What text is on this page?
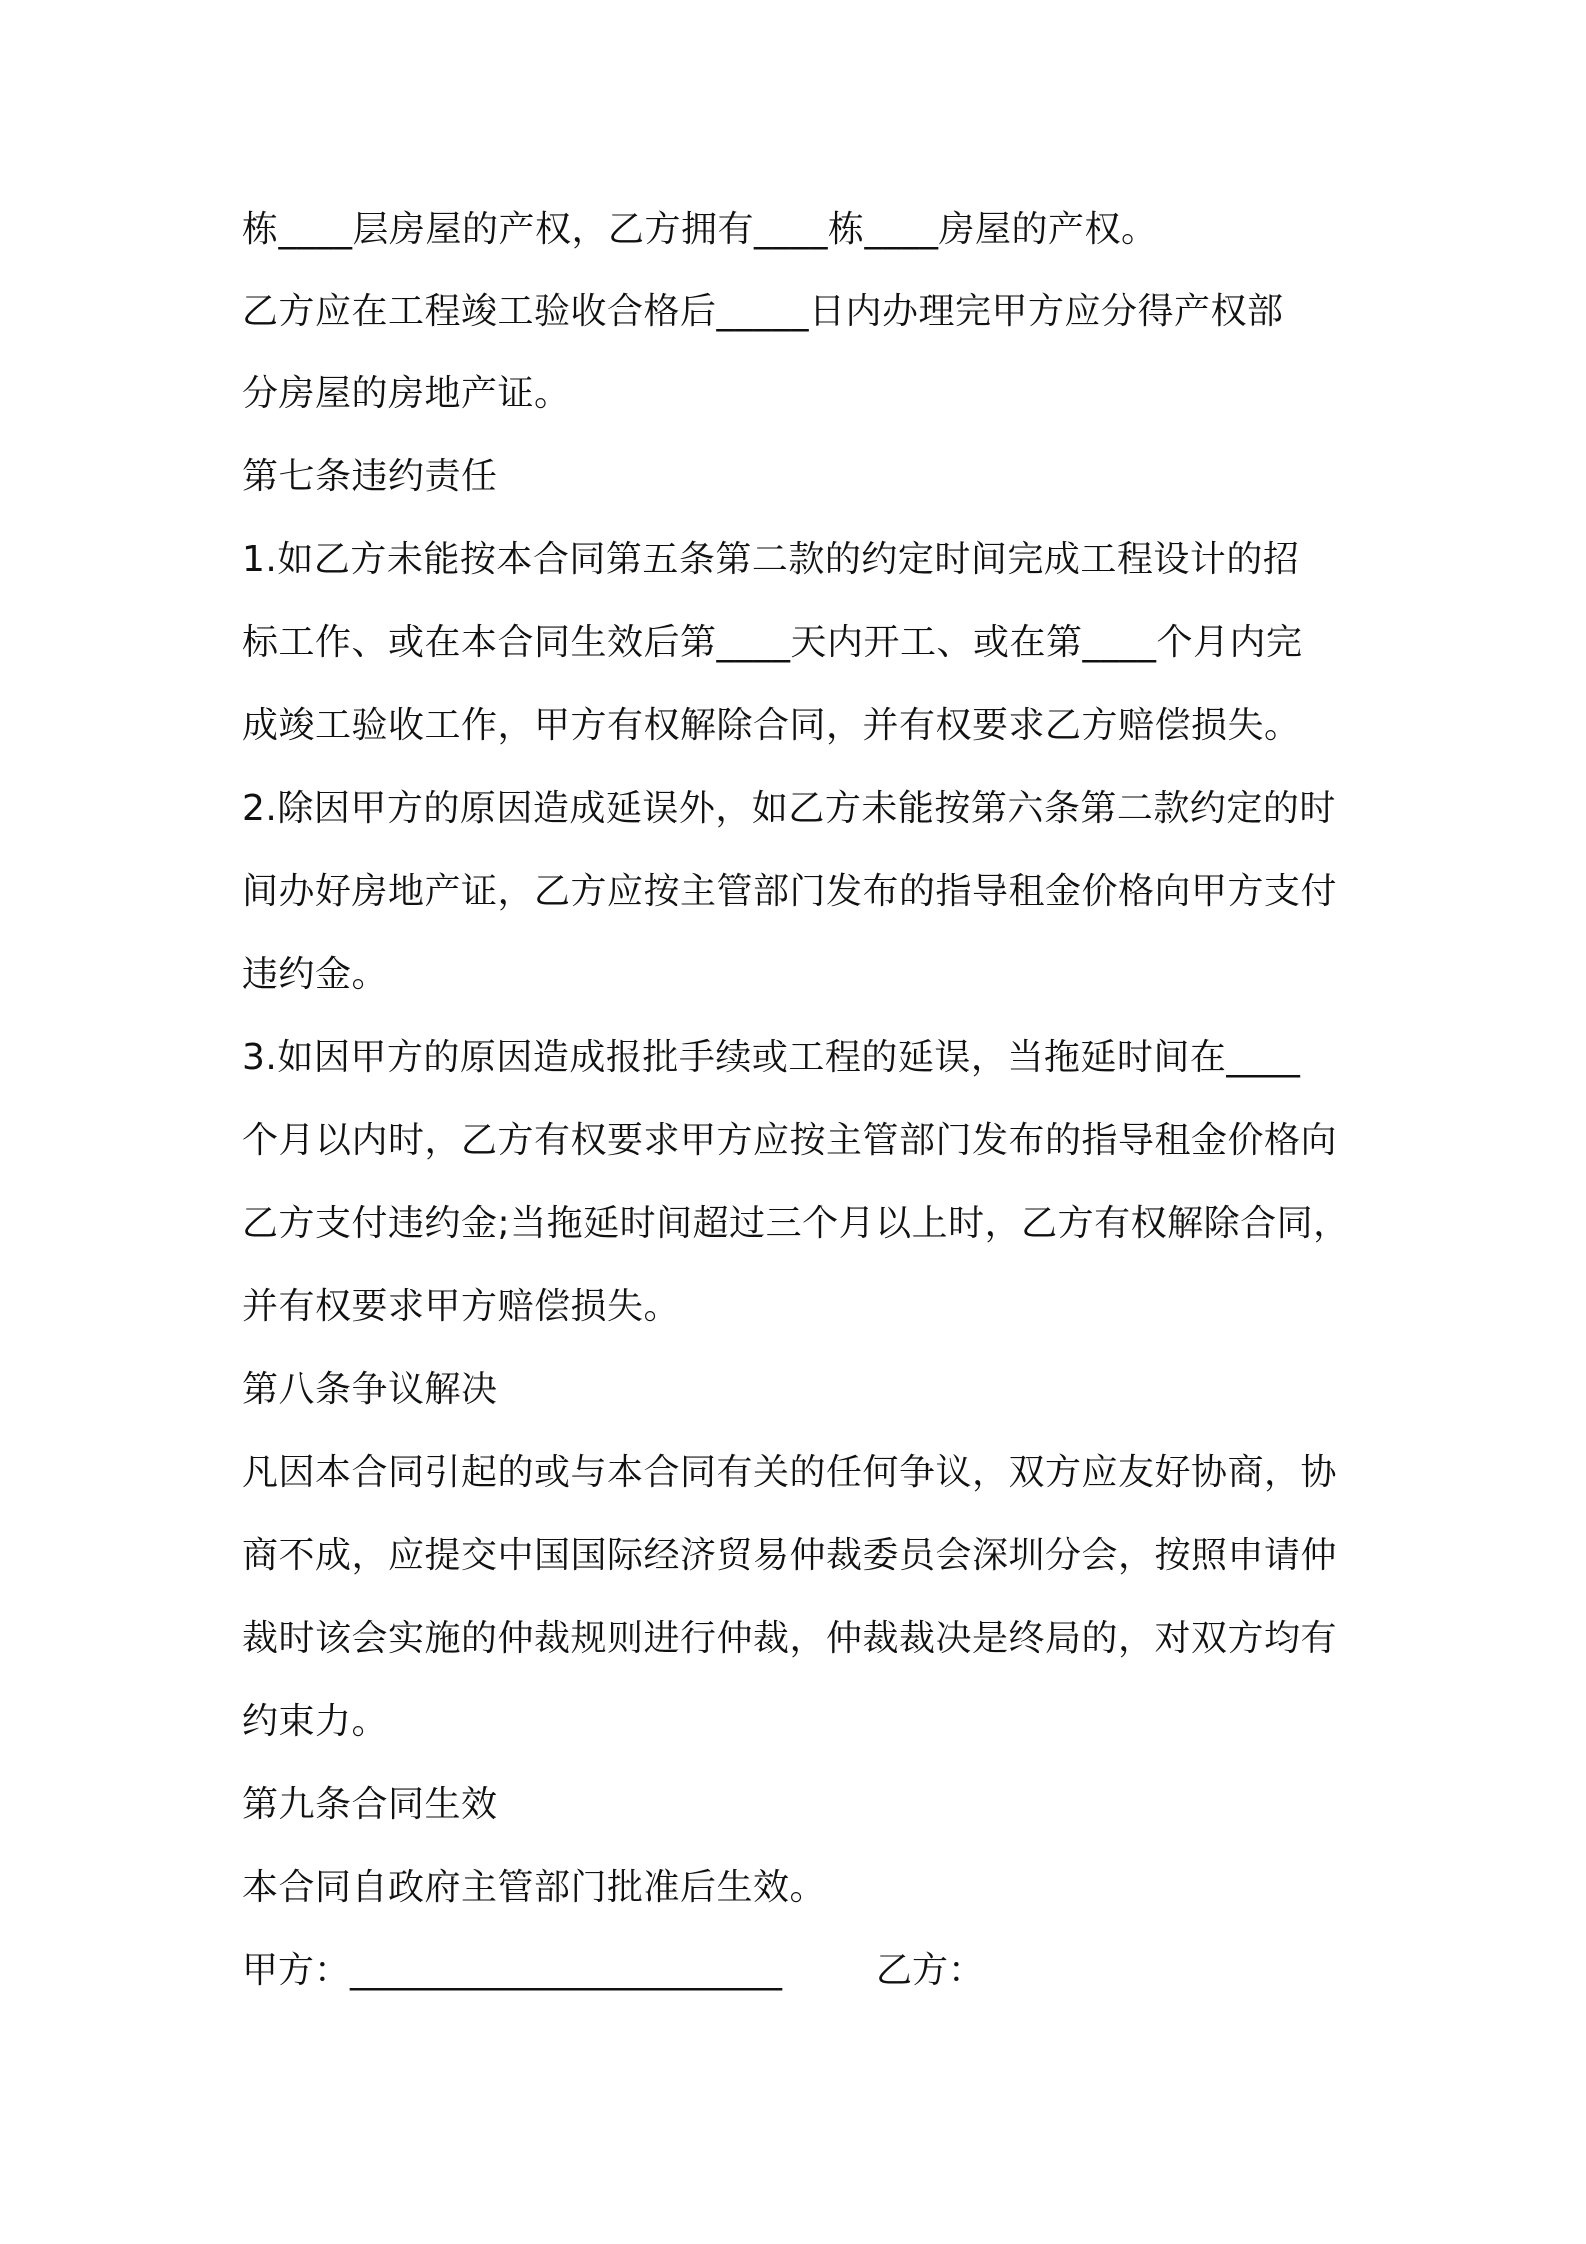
栋____层房屋的产权，乙方拥有____栋____房屋的产权。
乙方应在工程竣工验收合格后_____日内办理完甲方应分得产权部
分房屋的房地产证。
第七条违约责任
1.如乙方未能按本合同第五条第二款的约定时间完成工程设计的招
标工作、或在本合同生效后第____天内开工、或在第____个月内完
成竣工验收工作，甲方有权解除合同，并有权要求乙方赔偿损失。
2.除因甲方的原因造成延误外，如乙方未能按第六条第二款约定的时
间办好房地产证，乙方应按主管部门发布的指导租金价格向甲方支付
违约金。
3.如因甲方的原因造成报批手续或工程的延误，当拖延时间在____
个月以内时，乙方有权要求甲方应按主管部门发布的指导租金价格向
乙方支付违约金;当拖延时间超过三个月以上时，乙方有权解除合同，
并有权要求甲方赔偿损失。
第八条争议解决
凡因本合同引起的或与本合同有关的任何争议，双方应友好协商，协
商不成，应提交中国国际经济贸易仲裁委员会深圳分会，按照申请仲
裁时该会实施的仲裁规则进行仲裁，仲裁裁决是终局的，对双方均有
约束力。
第九条合同生效
本合同自政府主管部门批准后生效。
甲方：________________________	乙方：
